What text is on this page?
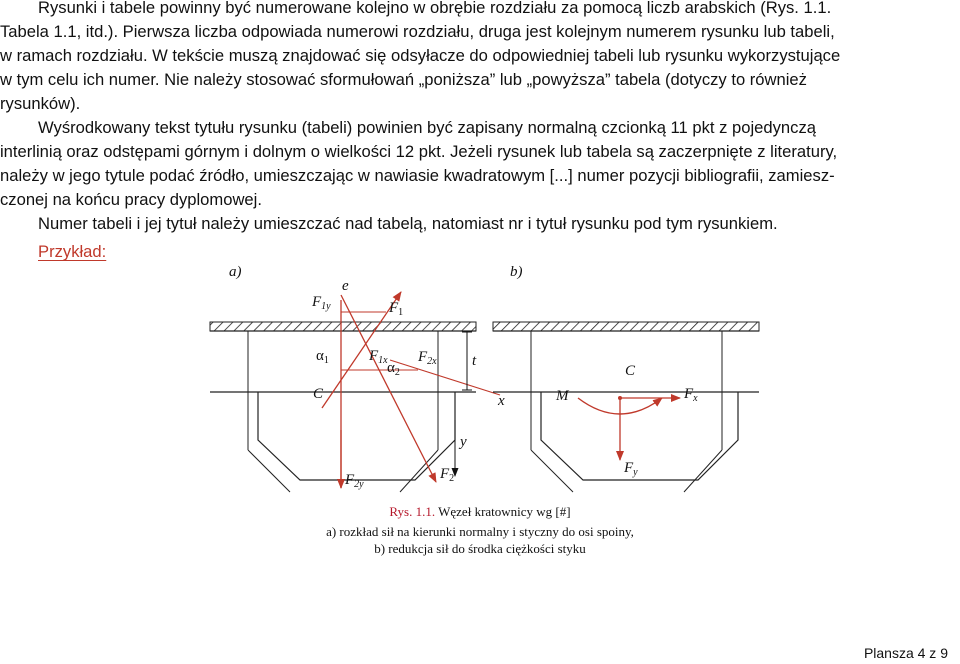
Rysunki i tabele powinny być numerowane kolejno w obrębie rozdziału za pomocą liczb arabskich (Rys. 1.1.

Tabela 1.1, itd.). Pierwsza liczba odpowiada numerowi rozdziału, druga jest kolejnym numerem rysunku lub tabeli,

w ramach rozdziału. W tekście muszą znajdować się odsyłacze do odpowiedniej tabeli lub rysunku wykorzystujące

w tym celu ich numer. Nie należy stosować sformułowań „poniższa” lub „powyższa” tabela (dotyczy to również

rysunków).

Wyśrodkowany tekst tytułu rysunku (tabeli) powinien być zapisany normalną czcionką 11 pkt z pojedynczą

interlinią oraz odstępami górnym i dolnym o wielkości 12 pkt. Jeżeli rysunek lub tabela są zaczerpnięte z literatury,

należy w jego tytule podać źródło, umieszczając w nawiasie kwadratowym [...] numer pozycji bibliografii, zamiesz-

czonej na końcu pracy dyplomowej.

Numer tabeli i jej tytuł należy umieszczać nad tabelą, natomiast nr i tytuł rysunku pod tym rysunkiem.

Przykład:

a)	b)
e
$F_{1y}$	$F_1$
$\alpha_1$	$F_{1x}$ $\alpha_2$
$F_{2x}$ t
C	x
y
$F_{2y}$
$F_2$
C
M	$F_x$
$F_y$
Rys. 1.1. Węzeł kratownicy wg [#]
a) rozkład sił na kierunki normalny i styczny do osi spoiny,
b) redukcja sił do środka ciężkości styku

Plansza 4 z 9
